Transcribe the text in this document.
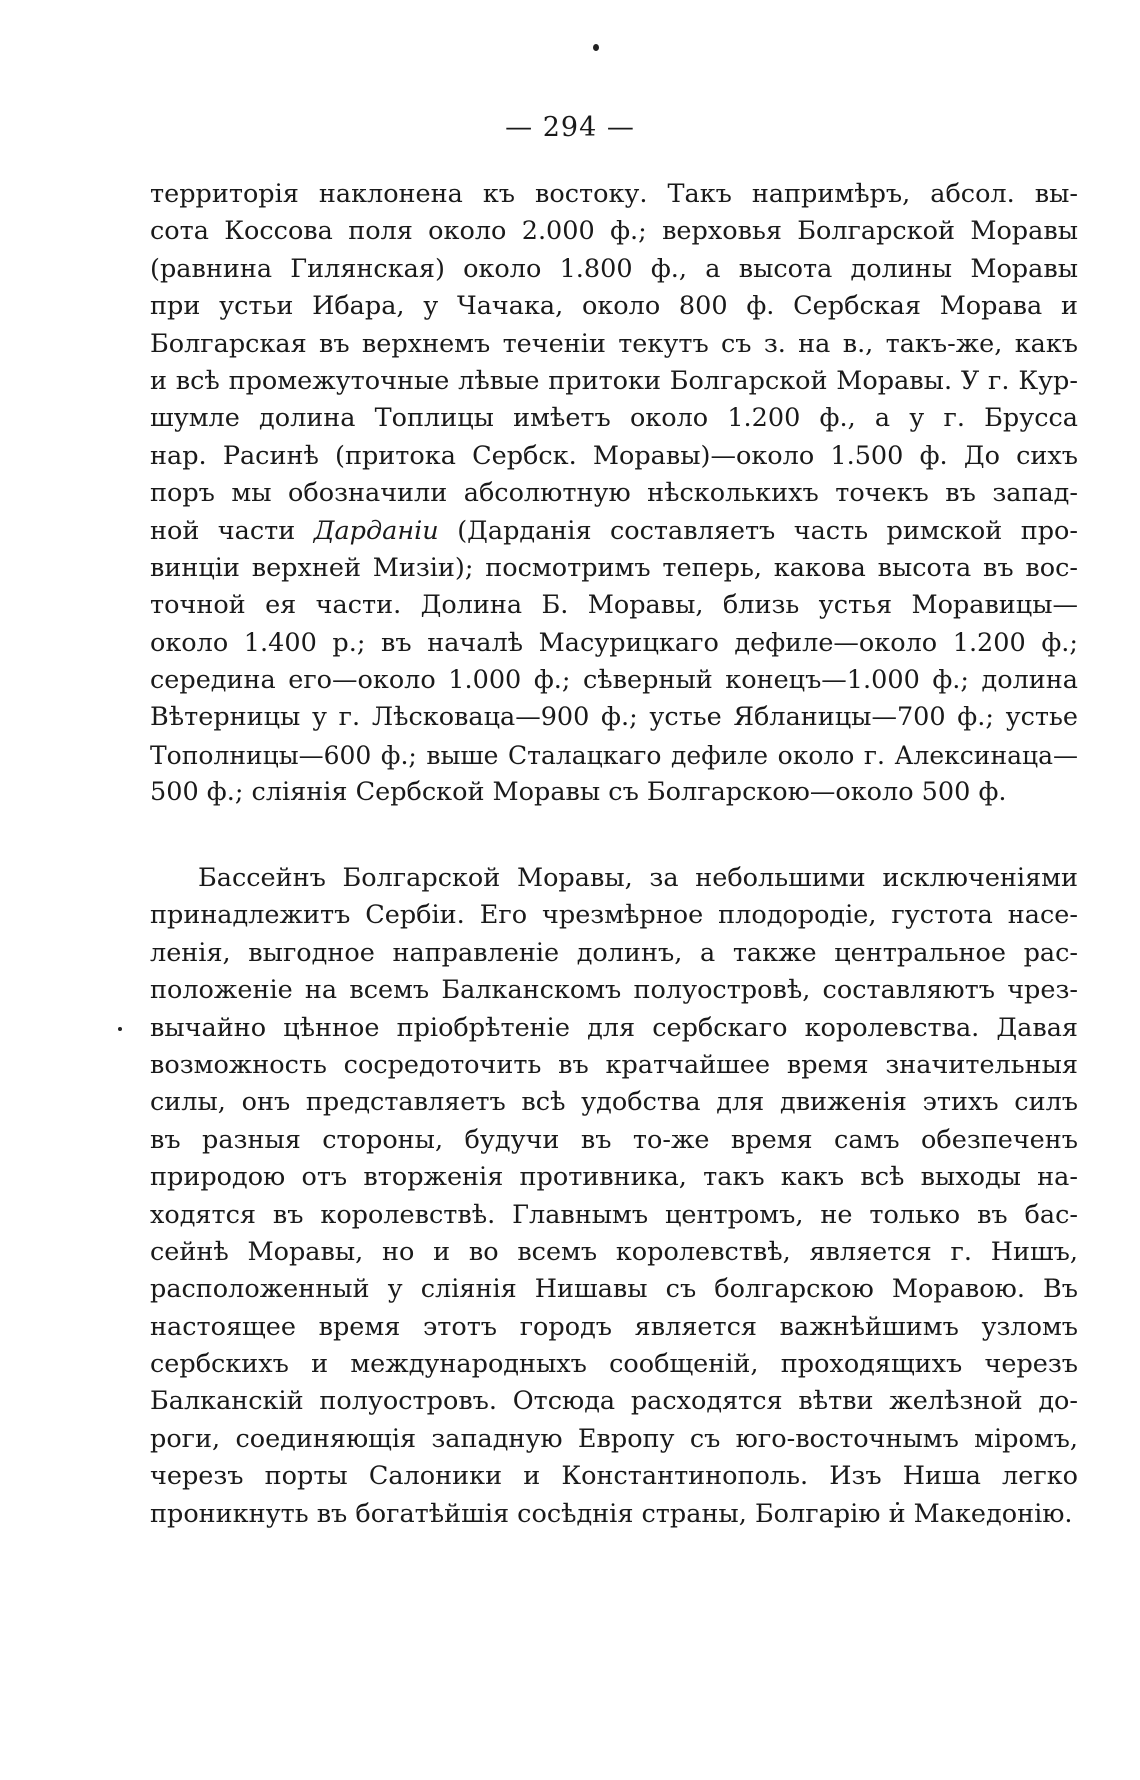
— 294 —
территорія наклонена къ востоку. Такъ напримѣръ, абсол. вы-
сота Коссова поля около 2.000 ф.; верховья Болгарской Моравы
(равнина Гилянская) около 1.800 ф., а высота долины Моравы
при устьи Ибара, у Чачака, около 800 ф. Сербская Морава и
Болгарская въ верхнемъ теченіи текутъ съ з. на в., такъ-же, какъ
и всѣ промежуточные лѣвые притоки Болгарской Моравы. У г. Кур-
шумле долина Топлицы имѣетъ около 1.200 ф., а у г. Брусса
нар. Расинѣ (притока Сербск. Моравы)—около 1.500 ф. До сихъ
поръ мы обозначили абсолютную нѣсколькихъ точекъ въ запад-
ной части Дарданіи (Дарданія составляетъ часть римской про-
винціи верхней Мизіи); посмотримъ теперь, какова высота въ вос-
точной ея части. Долина Б. Моравы, близь устья Моравицы—
около 1.400 р.; въ началѣ Масурицкаго дефиле—около 1.200 ф.;
середина его—около 1.000 ф.; сѣверный конецъ—1.000 ф.; долина
Вѣтерницы у г. Лѣсковаца—900 ф.; устье Ябланицы—700 ф.; устье
Тополницы—600 ф.; выше Сталацкаго дефиле около г. Алексинаца—
500 ф.; сліянія Сербской Моравы съ Болгарскою—около 500 ф.
Бассейнъ Болгарской Моравы, за небольшими исключеніями
принадлежитъ Сербіи. Его чрезмѣрное плодородіе, густота насе-
ленія, выгодное направленіе долинъ, а также центральное рас-
положеніе на всемъ Балканскомъ полуостровѣ, составляютъ чрез-
вычайно цѣнное пріобрѣтеніе для сербскаго королевства. Давая
возможность сосредоточить въ кратчайшее время значительныя
силы, онъ представляетъ всѣ удобства для движенія этихъ силъ
въ разныя стороны, будучи въ то-же время самъ обезпеченъ
природою отъ вторженія противника, такъ какъ всѣ выходы на-
ходятся въ королевствѣ. Главнымъ центромъ, не только въ бас-
сейнѣ Моравы, но и во всемъ королевствѣ, является г. Нишъ,
расположенный у сліянія Нишавы съ болгарскою Моравою. Въ
настоящее время этотъ городъ является важнѣйшимъ узломъ
сербскихъ и международныхъ сообщеній, проходящихъ черезъ
Балканскій полуостровъ. Отсюда расходятся вѣтви желѣзной до-
роги, соединяющія западную Европу съ юго-восточнымъ міромъ,
черезъ порты Салоники и Константинополь. Изъ Ниша легко
проникнуть въ богатѣйшія сосѣднія страны, Болгарію и Македонію.
